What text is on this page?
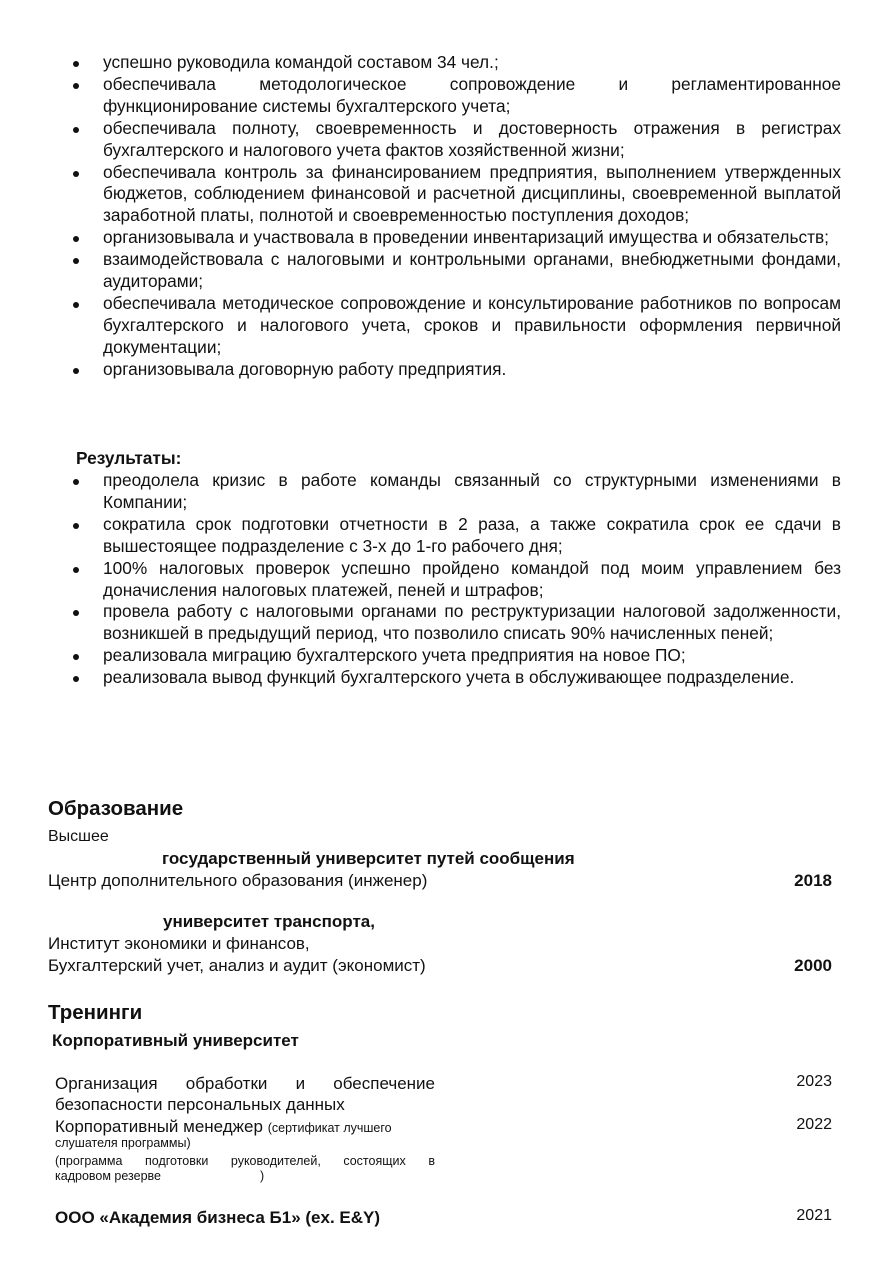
успешно руководила командой составом 34 чел.;
обеспечивала методологическое сопровождение и регламентированное функционирование системы бухгалтерского учета;
обеспечивала полноту, своевременность и достоверность отражения в регистрах бухгалтерского и налогового учета фактов хозяйственной жизни;
обеспечивала контроль за финансированием предприятия, выполнением утвержденных бюджетов, соблюдением финансовой и расчетной дисциплины, своевременной выплатой заработной платы, полнотой и своевременностью поступления доходов;
организовывала и участвовала в проведении инвентаризаций имущества и обязательств;
взаимодействовала с налоговыми и контрольными органами, внебюджетными фондами, аудиторами;
обеспечивала методическое сопровождение и консультирование работников по вопросам бухгалтерского и налогового учета, сроков и правильности оформления первичной документации;
организовывала договорную работу предприятия.
Результаты:
преодолела кризис в работе команды связанный со структурными изменениями в Компании;
сократила срок подготовки отчетности в 2 раза, а также сократила срок ее сдачи в вышестоящее подразделение с 3-х до 1-го рабочего дня;
100% налоговых проверок успешно пройдено командой под моим управлением без доначисления налоговых платежей, пеней и штрафов;
провела работу с налоговыми органами по реструктуризации налоговой задолженности, возникшей в предыдущий период, что позволило списать 90% начисленных пеней;
реализовала миграцию бухгалтерского учета предприятия на новое ПО;
реализовала вывод функций бухгалтерского учета в обслуживающее подразделение.
Образование
Высшее
государственный университет путей сообщения
Центр дополнительного образования (инженер)	2018
университет транспорта,
Институт экономики и финансов,
Бухгалтерский учет, анализ и аудит (экономист)	2000
Тренинги
Корпоративный университет
Организация обработки и обеспечение
безопасности персональных данных
2023
Корпоративный менеджер (сертификат лучшего
слушателя программы)
2022
(программа подготовки руководителей, состоящих в
кадровом резерве	)
ООО «Академия бизнеса Б1» (ex. E&Y)	2021
